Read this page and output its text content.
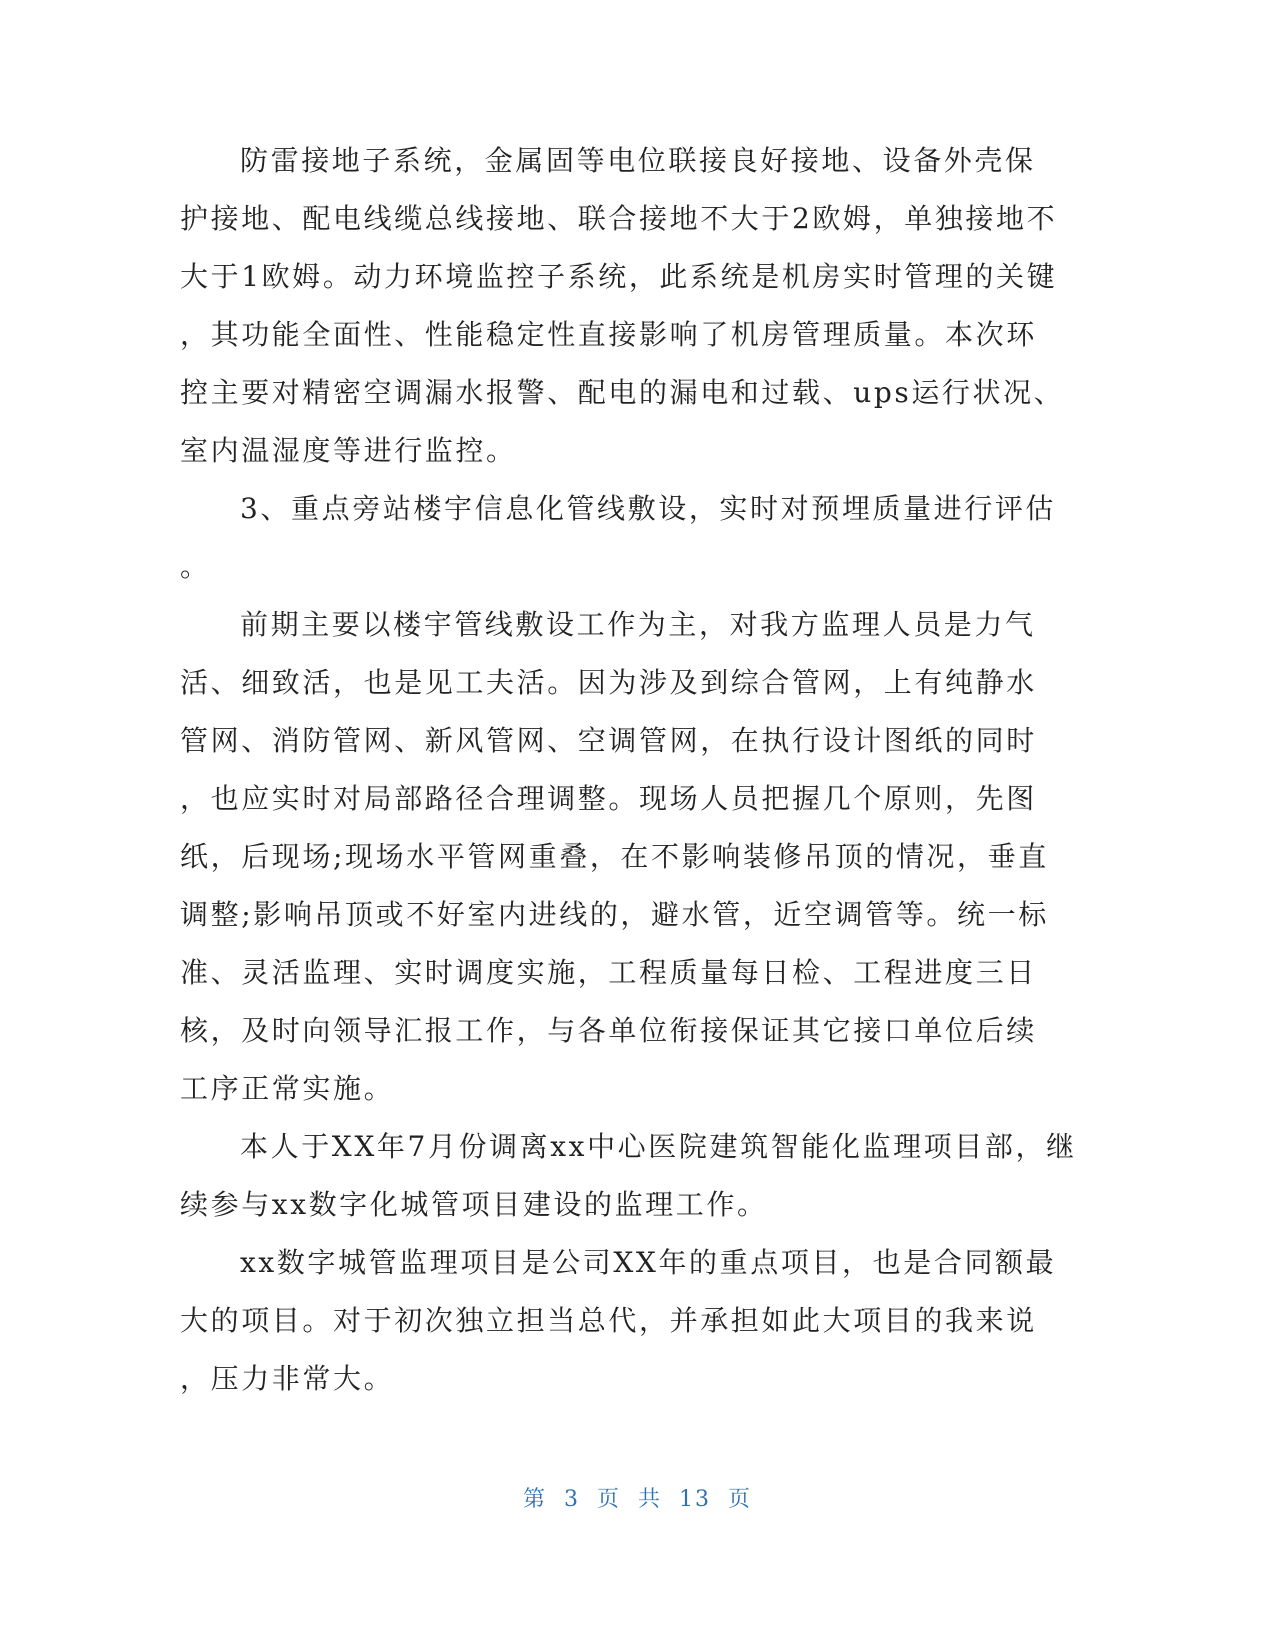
防雷接地子系统，金属固等电位联接良好接地、设备外壳保
护接地、配电线缆总线接地、联合接地不大于2欧姆，单独接地不
大于1欧姆。动力环境监控子系统，此系统是机房实时管理的关键
，其功能全面性、性能稳定性直接影响了机房管理质量。本次环
控主要对精密空调漏水报警、配电的漏电和过载、ups运行状况、
室内温湿度等进行监控。
3、重点旁站楼宇信息化管线敷设，实时对预埋质量进行评估
。
前期主要以楼宇管线敷设工作为主，对我方监理人员是力气
活、细致活，也是见工夫活。因为涉及到综合管网，上有纯静水
管网、消防管网、新风管网、空调管网，在执行设计图纸的同时
，也应实时对局部路径合理调整。现场人员把握几个原则，先图
纸，后现场;现场水平管网重叠，在不影响装修吊顶的情况，垂直
调整;影响吊顶或不好室内进线的，避水管，近空调管等。统一标
准、灵活监理、实时调度实施，工程质量每日检、工程进度三日
核，及时向领导汇报工作，与各单位衔接保证其它接口单位后续
工序正常实施。
本人于XX年7月份调离xx中心医院建筑智能化监理项目部，继
续参与xx数字化城管项目建设的监理工作。
xx数字城管监理项目是公司XX年的重点项目，也是合同额最
大的项目。对于初次独立担当总代，并承担如此大项目的我来说
，压力非常大。
第 3 页 共 13 页
